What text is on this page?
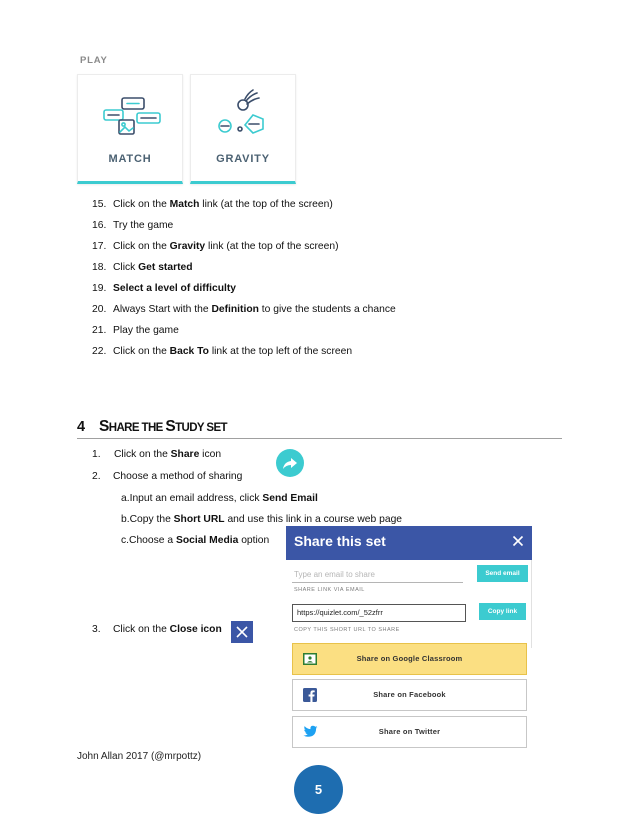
PLAY
MATCH	GRAVITY
15. Click on the Match link (at the top of the screen)
16. Try the game
17. Click on the Gravity link (at the top of the screen)
18. Click Get started
19. Select a level of difficulty
20. Always Start with the Definition to give the students a chance
21. Play the game
22. Click on the Back To link at the top left of the screen
4 SHARE THE STUDY SET
1. Click on the Share icon
2. Choose a method of sharing
a.Input an email address, click Send Email
b.Copy the Short URL and use this link in a course web page
c.Choose a Social Media option
3. Click on the Close icon
Share this set
Type an email to share	Send email
SHARE LINK VIA EMAIL
https://quizlet.com/_52zfrr	Copy link
COPY THIS SHORT URL TO SHARE
Share on Google Classroom
Share on Facebook
Share on Twitter
John Allan 2017 (@mrpottz)
5
